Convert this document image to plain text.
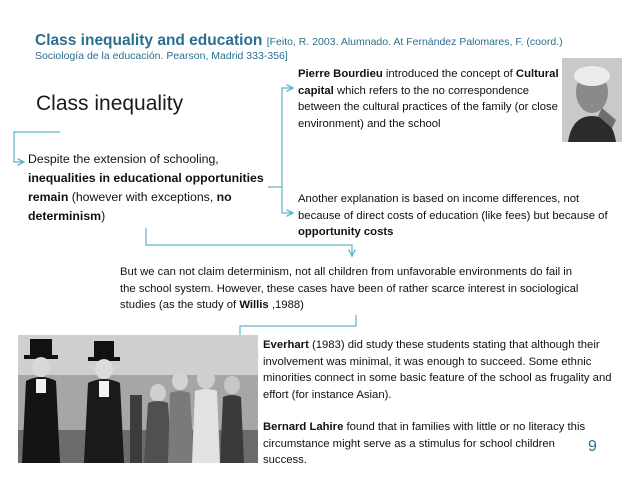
Class inequality and education [Feito, R. 2003. Alumnado. At Fernández Palomares, F. (coord.)
Sociología de la educación. Pearson, Madrid 333-356]
Class inequality
Despite the extension of schooling, inequalities in educational opportunities remain (however with exceptions, no determinism)
Pierre Bourdieu introduced the concept of Cultural capital which refers to the no correspondence between the cultural practices of the family (or close environment) and the school
Another explanation is based on income differences, not because of direct costs of education (like fees) but because of opportunity costs
But we can not claim determinism, not all children from unfavorable environments do fail in the school system. However, these cases have been of rather scarce interest in sociological studies (as the study of Willis ,1988)
Everhart (1983) did study these students stating that although their involvement was minimal, it was enough to succeed. Some ethnic minorities connect in some basic feature of the school as frugality and effort (for instance Asian).
Bernard Lahire found that in families with little or no literacy this circumstance might serve as a stimulus for school children success.
9
